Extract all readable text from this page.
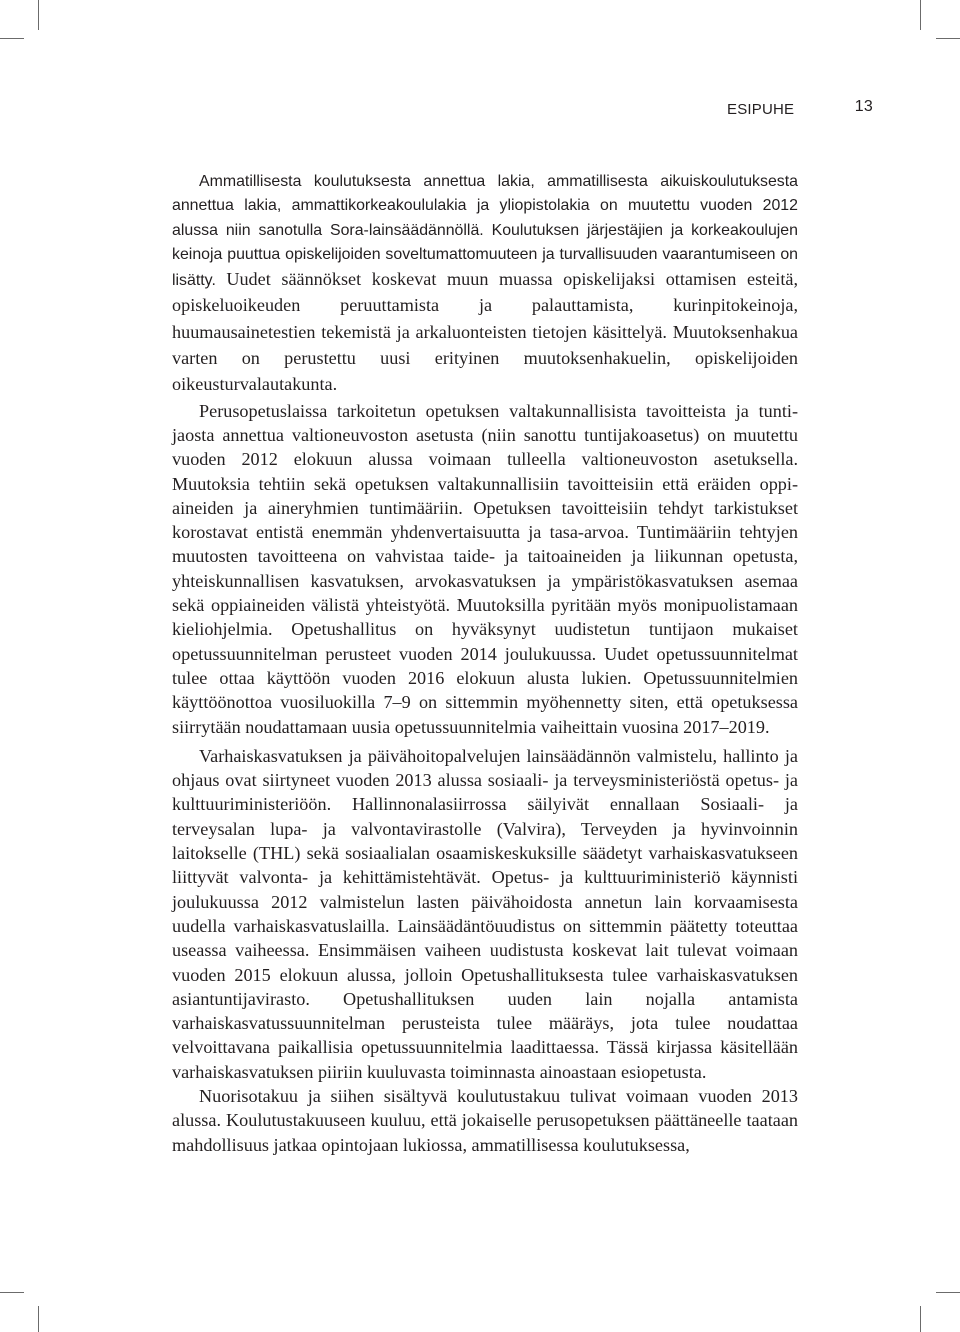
ESIPUHE	13

Ammatillisesta koulutuksesta annettua lakia, ammatillisesta aikuiskoulutuksesta annettua lakia, ammattikorkeakoululakia ja yliopistolakia on muutettu vuoden 2012 alussa niin sanotulla Sora-lainsäädännöllä. Koulutuksen järjestäjien ja korkeakoulujen keinoja puuttua opiskelijoiden soveltumattomuuteen ja turvallisuuden vaarantumiseen on lisätty. Uudet säännökset koskevat muun muassa opiskelijaksi ottamisen esteitä, opiskeluoikeuden peruuttamista ja palauttamista, kurinpitokeinoja, huumausainetestien tekemistä ja arkaluonteisten tietojen käsittelyä. Muutoksenhakua varten on perustettu uusi erityinen muutoksenhakuelin, opiskelijoiden oikeusturvalautakunta.

Perusopetuslaissa tarkoitetun opetuksen valtakunnallisista tavoitteista ja tuntijaosta annettua valtioneuvoston asetusta (niin sanottu tuntijakoasetus) on muutettu vuoden 2012 elokuun alussa voimaan tulleella valtioneuvoston asetuksella. Muutoksia tehtiin sekä opetuksen valtakunnallisiin tavoitteisiin että eräiden oppiaineiden ja aineryhmien tuntimääriin. Opetuksen tavoitteisiin tehdyt tarkistukset korostavat entistä enemmän yhdenvertaisuutta ja tasa-arvoa. Tuntimääriin tehtyjen muutosten tavoitteena on vahvistaa taide- ja taitoaineiden ja liikunnan opetusta, yhteiskunnallisen kasvatuksen, arvokasvatuksen ja ympäristökasvatuksen asemaa sekä oppiaineiden välistä yhteistyötä. Muutoksilla pyritään myös monipuolistamaan kieliohjelmia. Opetushallitus on hyväksynyt uudistetun tuntijaon mukaiset opetussuunnitelman perusteet vuoden 2014 joulukuussa. Uudet opetussuunnitelmat tulee ottaa käyttöön vuoden 2016 elokuun alusta lukien. Opetussuunnitelmien käyttöönottoa vuosiluokilla 7–9 on sittemmin myöhennetty siten, että opetuksessa siirrytään noudattamaan uusia opetussuunnitelmia vaiheittain vuosina 2017–2019.

Varhaiskasvatuksen ja päivähoitopalvelujen lainsäädännön valmistelu, hallinto ja ohjaus ovat siirtyneet vuoden 2013 alussa sosiaali- ja terveysministeriöstä opetus- ja kulttuuriministeriöön. Hallinnonalasiirrossa säilyivät ennallaan Sosiaali- ja terveysalan lupa- ja valvontavirastolle (Valvira), Terveyden ja hyvinvoinnin laitokselle (THL) sekä sosiaalialan osaamiskeskuksille säädetyt varhaiskasvatukseen liittyvät valvonta- ja kehittämistehtävät. Opetus- ja kulttuuriministeriö käynnisti joulukuussa 2012 valmistelun lasten päivähoidosta annetun lain korvaamisesta uudella varhaiskasvatuslailla. Lainsäädäntöuudistus on sittemmin päätetty toteuttaa useassa vaiheessa. Ensimmäisen vaiheen uudistusta koskevat lait tulevat voimaan vuoden 2015 elokuun alussa, jolloin Opetushallituksesta tulee varhaiskasvatuksen asiantuntijavirasto. Opetushallituksen uuden lain nojalla antamista varhaiskasvatussuunnitelman perusteista tulee määräys, jota tulee noudattaa velvoittavana paikallisia opetussuunnitelmia laadittaessa. Tässä kirjassa käsitellään varhaiskasvatuksen piiriin kuuluvasta toiminnasta ainoastaan esiopetusta.

Nuorisotakuu ja siihen sisältyvä koulutustakuu tulivat voimaan vuoden 2013 alussa. Koulutustakuuseen kuuluu, että jokaiselle perusopetuksen päättäneelle taataan mahdollisuus jatkaa opintojaan lukiossa, ammatillisessa koulutuksessa,
